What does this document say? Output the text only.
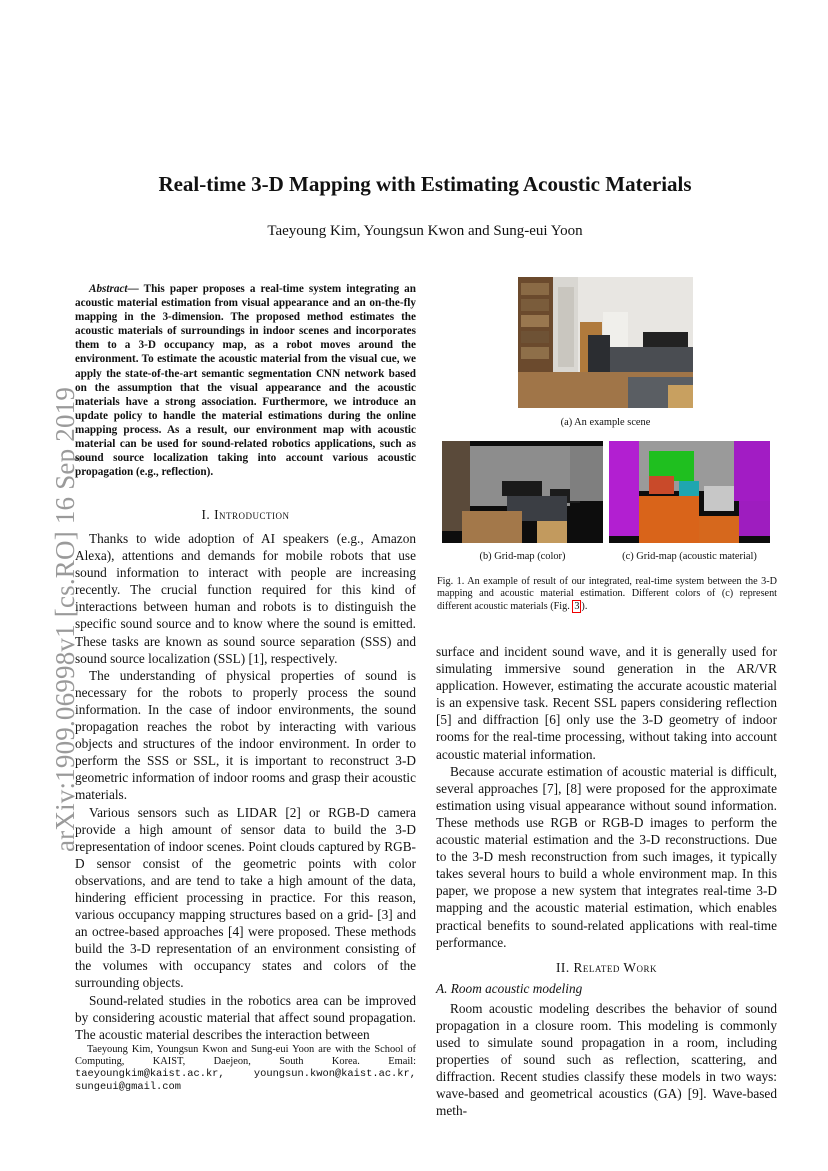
arXiv:1909.06998v1 [cs.RO] 16 Sep 2019
Real-time 3-D Mapping with Estimating Acoustic Materials
Taeyoung Kim, Youngsun Kwon and Sung-eui Yoon
Abstract— This paper proposes a real-time system integrating an acoustic material estimation from visual appearance and an on-the-fly mapping in the 3-dimension. The proposed method estimates the acoustic materials of surroundings in indoor scenes and incorporates them to a 3-D occupancy map, as a robot moves around the environment. To estimate the acoustic material from the visual cue, we apply the state-of-the-art semantic segmentation CNN network based on the assumption that the visual appearance and the acoustic materials have a strong association. Furthermore, we introduce an update policy to handle the material estimations during the online mapping process. As a result, our environment map with acoustic material can be used for sound-related robotics applications, such as sound source localization taking into account various acoustic propagation (e.g., reflection).
I. Introduction

Thanks to wide adoption of AI speakers (e.g., Amazon Alexa), attentions and demands for mobile robots that use sound information to interact with people are increasing recently. The crucial function required for this kind of interactions between human and robots is to distinguish the specific sound source and to know where the sound is emitted. These tasks are known as sound source separation (SSS) and sound source localization (SSL) [1], respectively.

The understanding of physical properties of sound is necessary for the robots to properly process the sound information. In the case of indoor environments, the sound propagation reaches the robot by interacting with various objects and structures of the indoor environment. In order to perform the SSS or SSL, it is important to reconstruct 3-D geometric information of indoor rooms and grasp their acoustic materials.

Various sensors such as LIDAR [2] or RGB-D camera provide a high amount of sensor data to build the 3-D representation of indoor scenes. Point clouds captured by RGB-D sensor consist of the geometric points with color observations, and are tend to take a high amount of the data, hindering efficient processing in practice. For this reason, various occupancy mapping structures based on a grid- [3] and an octree-based approaches [4] were proposed. These methods build the 3-D representation of an environment consisting of the volumes with occupancy states and colors of the surrounding objects.

Sound-related studies in the robotics area can be improved by considering acoustic material that affect sound propagation. The acoustic material describes the interaction between

Taeyoung Kim, Youngsun Kwon and Sung-eui Yoon are with the School of Computing, KAIST, Daejeon, South Korea. Email: taeyoungkim@kaist.ac.kr, youngsun.kwon@kaist.ac.kr, sungeui@gmail.com
(a) An example scene
(b) Grid-map (color)	(c) Grid-map (acoustic material)
Fig. 1. An example of result of our integrated, real-time system between the 3-D mapping and acoustic material estimation. Different colors of (c) represent different acoustic materials (Fig. 3 ).

surface and incident sound wave, and it is generally used for simulating immersive sound generation in the AR/VR application. However, estimating the accurate acoustic material is an expensive task. Recent SSL papers considering reflection [5] and diffraction [6] only use the 3-D geometry of indoor rooms for the real-time processing, without taking into account acoustic material information.

Because accurate estimation of acoustic material is difficult, several approaches [7], [8] were proposed for the approximate estimation using visual appearance without sound information. These methods use RGB or RGB-D images to perform the acoustic material estimation and the 3-D reconstructions. Due to the 3-D mesh reconstruction from such images, it typically takes several hours to build a whole environment map. In this paper, we propose a new system that integrates real-time 3-D mapping and the acoustic material estimation, which enables practical benefits to sound-related applications with real-time performance.

II. Related Work
A. Room acoustic modeling

Room acoustic modeling describes the behavior of sound propagation in a closure room. This modeling is commonly used to simulate sound propagation in a room, including properties of sound such as reflection, scattering, and diffraction. Recent studies classify these models in two ways: wave-based and geometrical acoustics (GA) [9]. Wave-based meth-
